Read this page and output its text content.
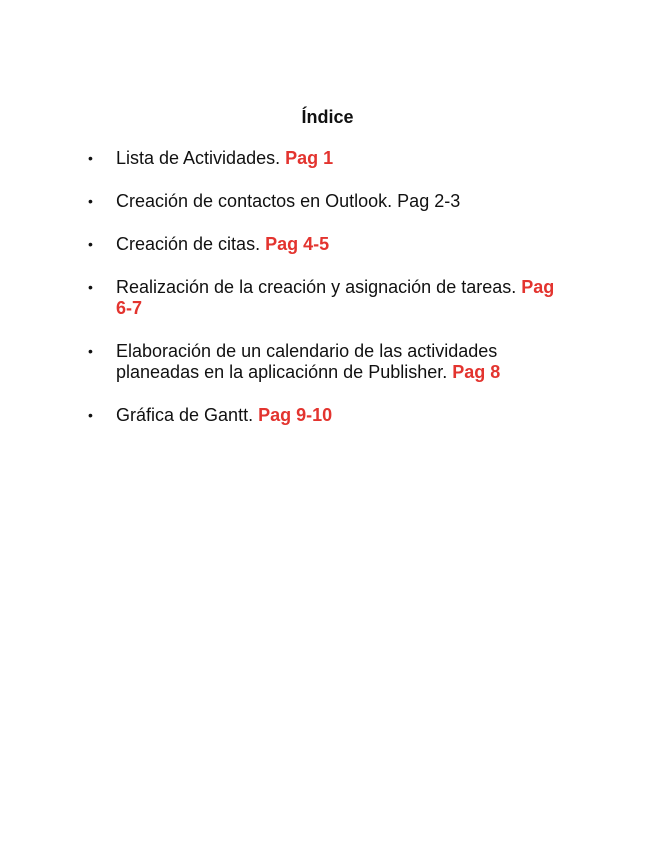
Índice
• Lista de Actividades. Pag 1
• Creación de contactos en Outlook. Pag 2-3
• Creación de citas. Pag 4-5
• Realización de la creación y asignación de tareas. Pag 6-7
• Elaboración de un calendario de las actividades planeadas en la aplicaciónn de Publisher. Pag 8
• Gráfica de Gantt. Pag 9-10
